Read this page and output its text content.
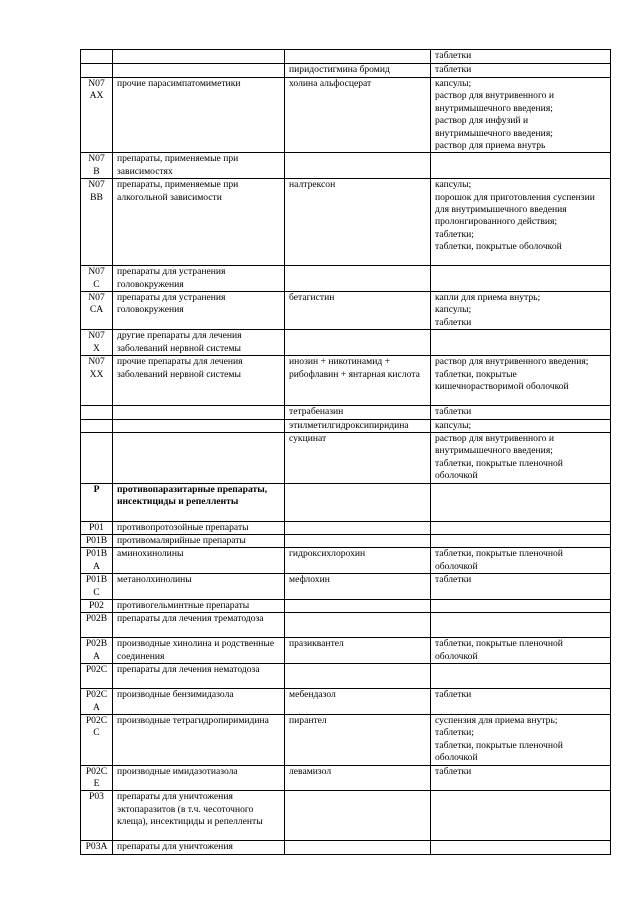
			таблетки
		пиридостигмина бромид	таблетки
N07
AX	прочие парасимпатомиметики	холина альфосцерат	капсулы;
раствор для внутривенного и внутримышечного введения;
раствор для инфузий и внутримышечного введения;
раствор для приема внутрь
N07
B	препараты, применяемые при зависимостях		
N07
BB	препараты, применяемые при алкогольной зависимости	налтрексон	капсулы;
порошок для приготовления суспензии для внутримышечного введения пролонгированного действия;
таблетки;
таблетки, покрытые оболочкой
N07
C	препараты для устранения головокружения		
N07
CA	препараты для устранения головокружения	бетагистин	капли для приема внутрь;
капсулы;
таблетки
N07
X	другие препараты для лечения заболеваний нервной системы		
N07
XX	прочие препараты для лечения заболеваний нервной системы	инозин + никотинамид + рибофлавин + янтарная кислота	раствор для внутривенного введения;
таблетки, покрытые кишечнорастворимой оболочкой
		тетрабеназин	таблетки
		этилметилгидроксипиридина	капсулы;
		сукцинат	раствор для внутривенного и внутримышечного введения;
таблетки, покрытые пленочной оболочкой
P	противопаразитарные препараты, инсектициды и репелленты		
P01	противопротозойные препараты		
P01B	противомалярийные препараты		
P01B
A	аминохинолины	гидроксихлорохин	таблетки, покрытые пленочной оболочкой
P01B
C	метанолхинолины	мефлохин	таблетки
P02	противогельминтные препараты		
P02B	препараты для лечения трематодоза		
P02B
A	производные хинолина и родственные соединения	празиквантел	таблетки, покрытые пленочной оболочкой
P02C	препараты для лечения нематодоза		
P02C
A	производные бензимидазола	мебендазол	таблетки
P02C
C	производные тетрагидропиримидина	пирантел	суспензия для приема внутрь;
таблетки;
таблетки, покрытые пленочной оболочкой
P02C
E	производные имидазотиазола	левамизол	таблетки
P03	препараты для уничтожения эктопаразитов (в т.ч. чесоточного клеща), инсектициды и репелленты		
P03A	препараты для уничтожения		
